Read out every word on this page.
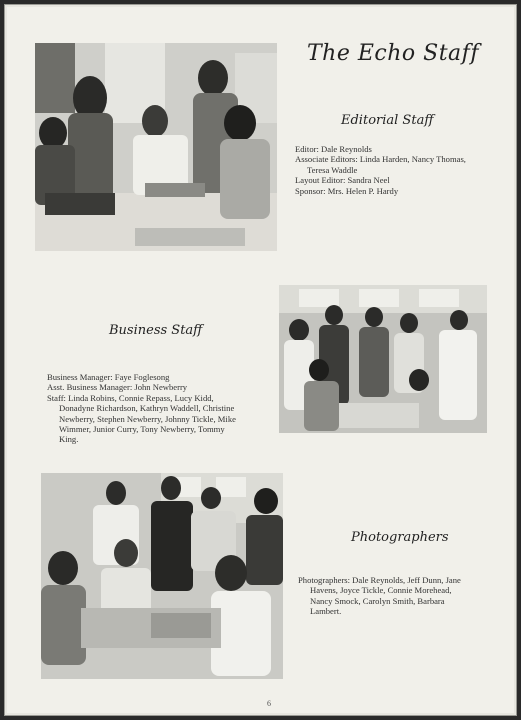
The Echo Staff
Editorial Staff
Editor: Dale Reynolds
Associate Editors: Linda Harden, Nancy Thomas,
Teresa Waddle
Layout Editor: Sandra Neel
Sponsor: Mrs. Helen P. Hardy
Business Staff
Business Manager: Faye Foglesong
Asst. Business Manager: John Newberry
Staff: Linda Robins, Connie Repass, Lucy Kidd,
Donadyne Richardson, Kathryn Waddell, Christine
Newberry, Stephen Newberry, Johnny Tickle, Mike
Wimmer, Junior Curry, Tony Newberry, Tommy
King.
Photographers
Photographers: Dale Reynolds, Jeff Dunn, Jane
Havens, Joyce Tickle, Connie Morehead,
Nancy Smock, Carolyn Smith, Barbara
Lambert.
6
